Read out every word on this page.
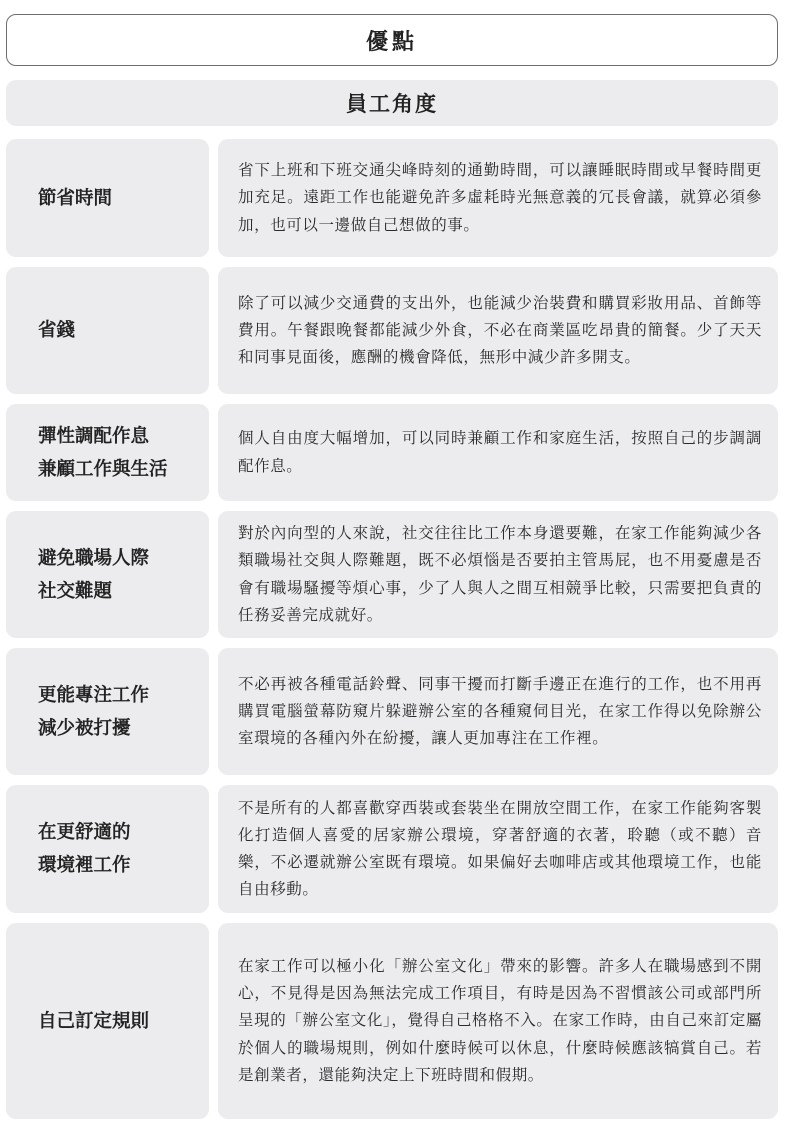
優點
員工角度
節省時間
省下上班和下班交通尖峰時刻的通勤時間，可以讓睡眠時間或早餐時間更加充足。遠距工作也能避免許多虛耗時光無意義的冗長會議，就算必須參加，也可以一邊做自己想做的事。
省錢
除了可以減少交通費的支出外，也能減少治裝費和購買彩妝用品、首飾等費用。午餐跟晚餐都能減少外食，不必在商業區吃昂貴的簡餐。少了天天和同事見面後，應酬的機會降低，無形中減少許多開支。
彈性調配作息
兼顧工作與生活
個人自由度大幅增加，可以同時兼顧工作和家庭生活，按照自己的步調調配作息。
避免職場人際
社交難題
對於內向型的人來說，社交往往比工作本身還要難，在家工作能夠減少各類職場社交與人際難題，既不必煩惱是否要拍主管馬屁，也不用憂慮是否會有職場騷擾等煩心事，少了人與人之間互相競爭比較，只需要把負責的任務妥善完成就好。
更能專注工作
減少被打擾
不必再被各種電話鈴聲、同事干擾而打斷手邊正在進行的工作，也不用再購買電腦螢幕防窺片躲避辦公室的各種窺伺目光，在家工作得以免除辦公室環境的各種內外在紛擾，讓人更加專注在工作裡。
在更舒適的
環境裡工作
不是所有的人都喜歡穿西裝或套裝坐在開放空間工作，在家工作能夠客製化打造個人喜愛的居家辦公環境，穿著舒適的衣著，聆聽（或不聽）音樂，不必遷就辦公室既有環境。如果偏好去咖啡店或其他環境工作，也能自由移動。
自己訂定規則
在家工作可以極小化「辦公室文化」帶來的影響。許多人在職場感到不開心，不見得是因為無法完成工作項目，有時是因為不習慣該公司或部門所呈現的「辦公室文化」，覺得自己格格不入。在家工作時，由自己來訂定屬於個人的職場規則，例如什麼時候可以休息，什麼時候應該犒賞自己。若是創業者，還能夠決定上下班時間和假期。
